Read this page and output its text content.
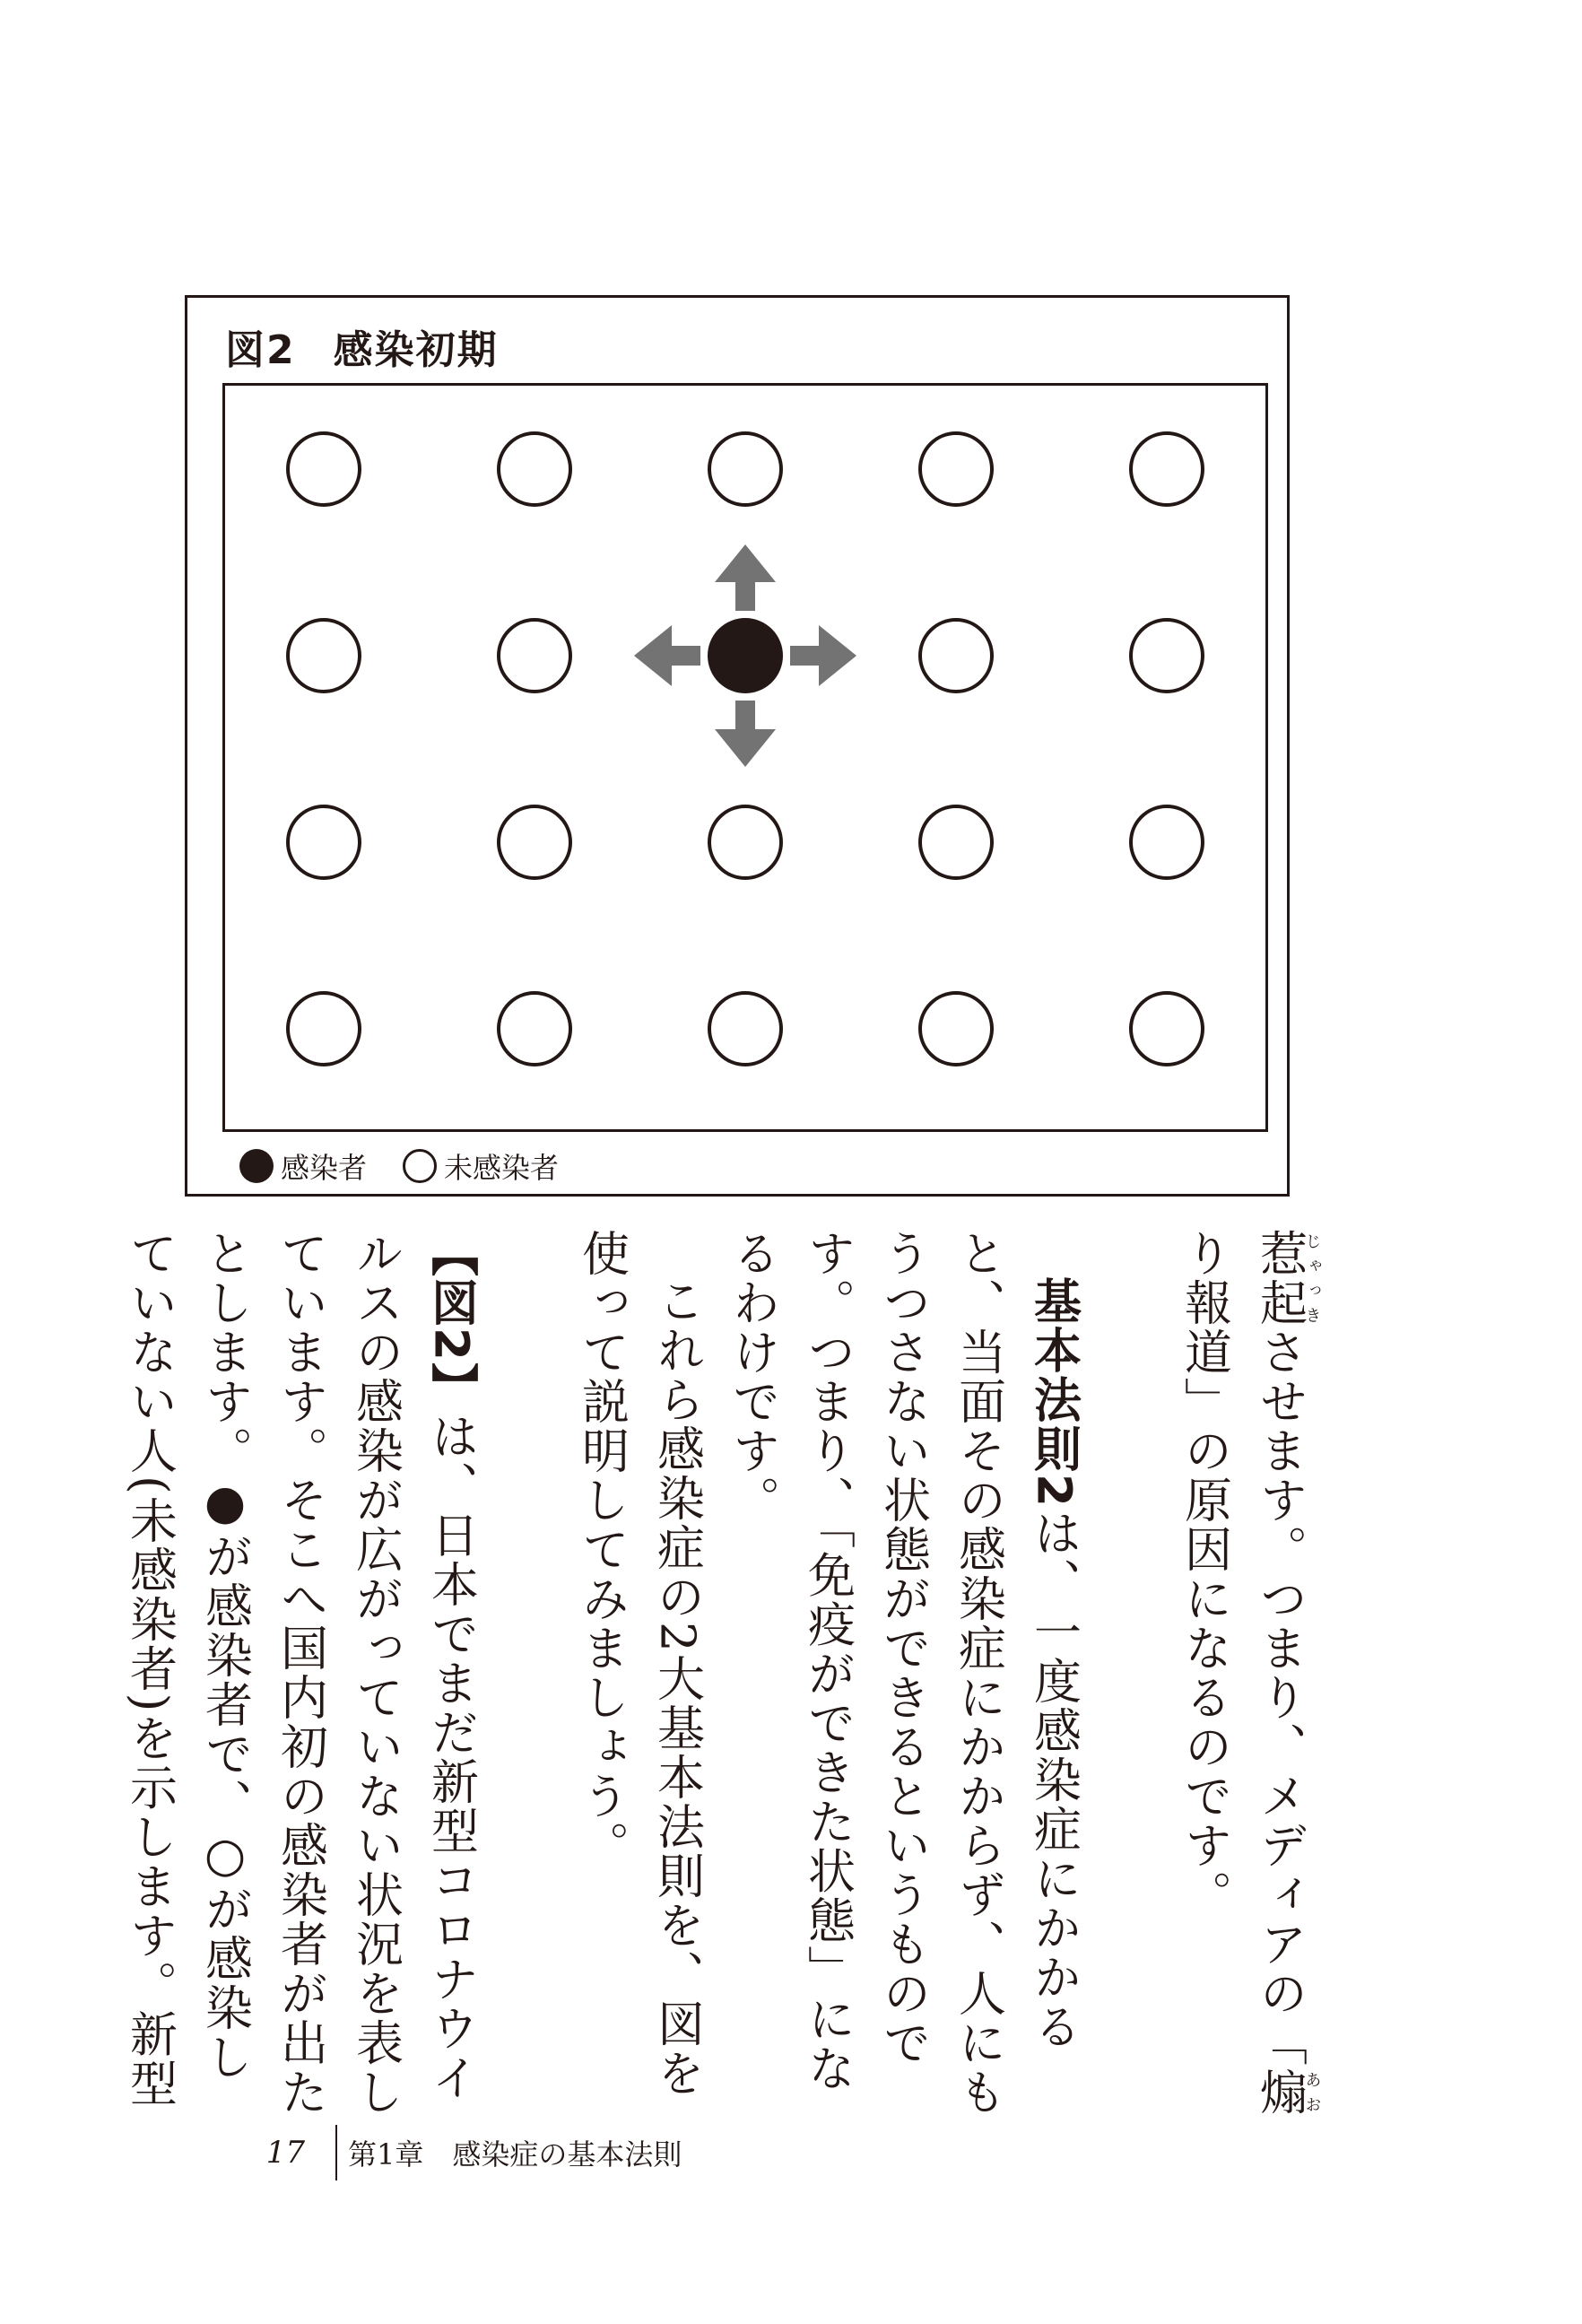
図2 感染初期
感染者	未感染者

惹起じゃっきさせます。つまり、メディアの「煽あおり報道」の原因になるのです。

基本法則2は、一度感染症にかかると、当面その感染症にかからず、人にもうつさない状態ができるというものです。つまり、「免疫ができた状態」になるわけです。

これら感染症の2大基本法則を、図を使って説明してみましょう。

【図2】は、日本でまだ新型コロナウイルスの感染が広がっていない状況を表しています。そこへ国内初の感染者が出たとします。●が感染者で、○が感染していない人(未感染者)を示します。新型

17 第1章 感染症の基本法則
